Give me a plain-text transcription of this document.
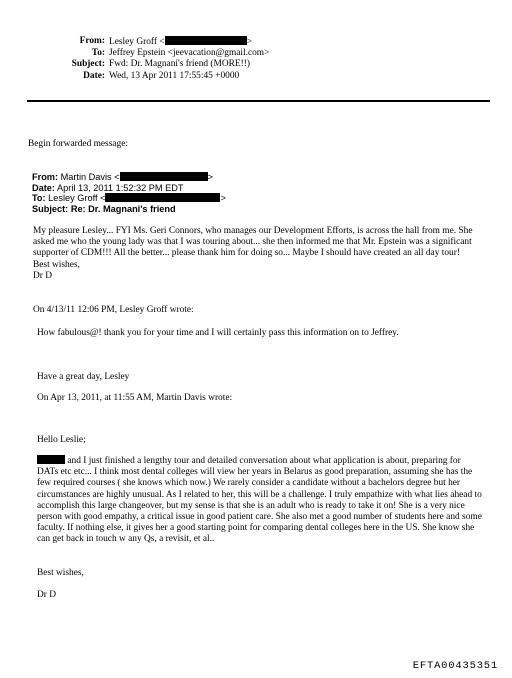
From: Lesley Groff <	>
To: Jeffrey Epstein <jeevacation@gmail.com>
Subject: Fwd: Dr. Magnani's friend (MORE!!)
Date: Wed, 13 Apr 2011 17:55:45 +0000
Begin forwarded message:
From: Martin Davis <	>
Date: April 13, 2011 1:52:32 PM EDT
To: Lesley Groff <	>
Subject: Re: Dr. Magnani's friend

My pleasure Lesley... FYI Ms. Geri Connors, who manages our Development Efforts, is across the hall from me. She asked me who the young lady was that I was touring about... she then informed me that Mr. Epstein was a significant supporter of CDM!!! All the better... please thank him for doing so... Maybe I should have created an all day tour!

Best wishes,

Dr D

On 4/13/11 12:06 PM, Lesley Groff wrote:
How fabulous@! thank you for your time and I will certainly pass this information on to Jeffrey.
Have a great day, Lesley
On Apr 13, 2011, at 11:55 AM, Martin Davis wrote:
Hello Leslie;

and I just finished a lengthy tour and detailed conversation about what application is about, preparing for DATs etc etc... I think most dental colleges will view her years in Belarus as good preparation, assuming she has the few required courses ( she knows which now.) We rarely consider a candidate without a bachelors degree but her circumstances are highly unusual. As I related to her, this will be a challenge. I truly empathize with what lies ahead to accomplish this large changeover, but my sense is that she is an adult who is ready to take it on! She is a very nice person with good empathy, a critical issue in good patient care. She also met a good number of students here and some faculty. If nothing else, it gives her a good starting point for comparing dental colleges here in the US. She know she can get back in touch w any Qs, a revisit, et al..

Best wishes,
Dr D
EFTA00435351
